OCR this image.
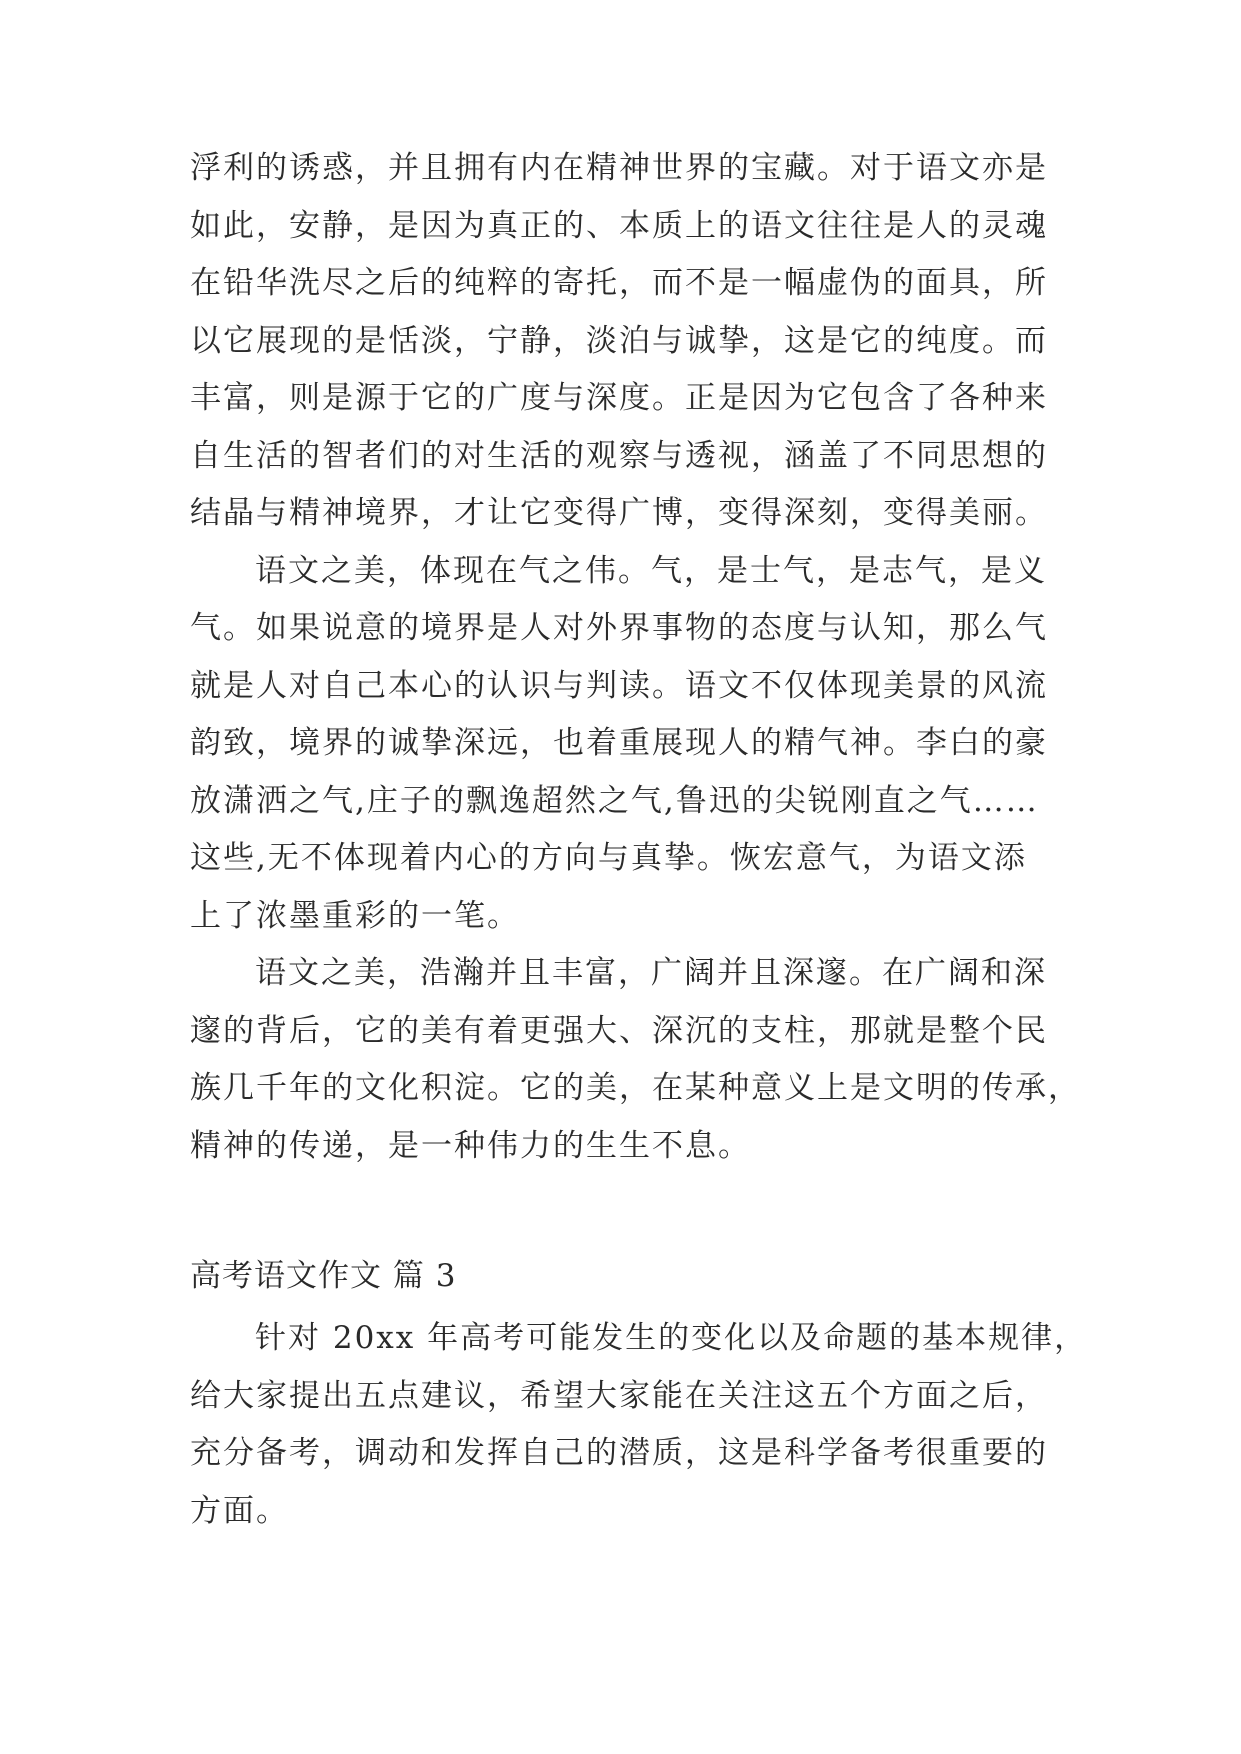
浮利的诱惑，并且拥有内在精神世界的宝藏。对于语文亦是

如此，安静，是因为真正的、本质上的语文往往是人的灵魂

在铅华洗尽之后的纯粹的寄托，而不是一幅虚伪的面具，所

以它展现的是恬淡，宁静，淡泊与诚挚，这是它的纯度。而

丰富，则是源于它的广度与深度。正是因为它包含了各种来

自生活的智者们的对生活的观察与透视，涵盖了不同思想的

结晶与精神境界，才让它变得广博，变得深刻，变得美丽。

语文之美，体现在气之伟。气，是士气，是志气，是义

气。如果说意的境界是人对外界事物的态度与认知，那么气

就是人对自己本心的认识与判读。语文不仅体现美景的风流

韵致，境界的诚挚深远，也着重展现人的精气神。李白的豪

放潇洒之气,庄子的飘逸超然之气,鲁迅的尖锐刚直之气……

这些,无不体现着内心的方向与真挚。恢宏意气，为语文添

上了浓墨重彩的一笔。

语文之美，浩瀚并且丰富，广阔并且深邃。在广阔和深

邃的背后，它的美有着更强大、深沉的支柱，那就是整个民

族几千年的文化积淀。它的美，在某种意义上是文明的传承，

精神的传递，是一种伟力的生生不息。

高考语文作文 篇 3

针对 20xx 年高考可能发生的变化以及命题的基本规律，

给大家提出五点建议，希望大家能在关注这五个方面之后，

充分备考，调动和发挥自己的潜质，这是科学备考很重要的

方面。
